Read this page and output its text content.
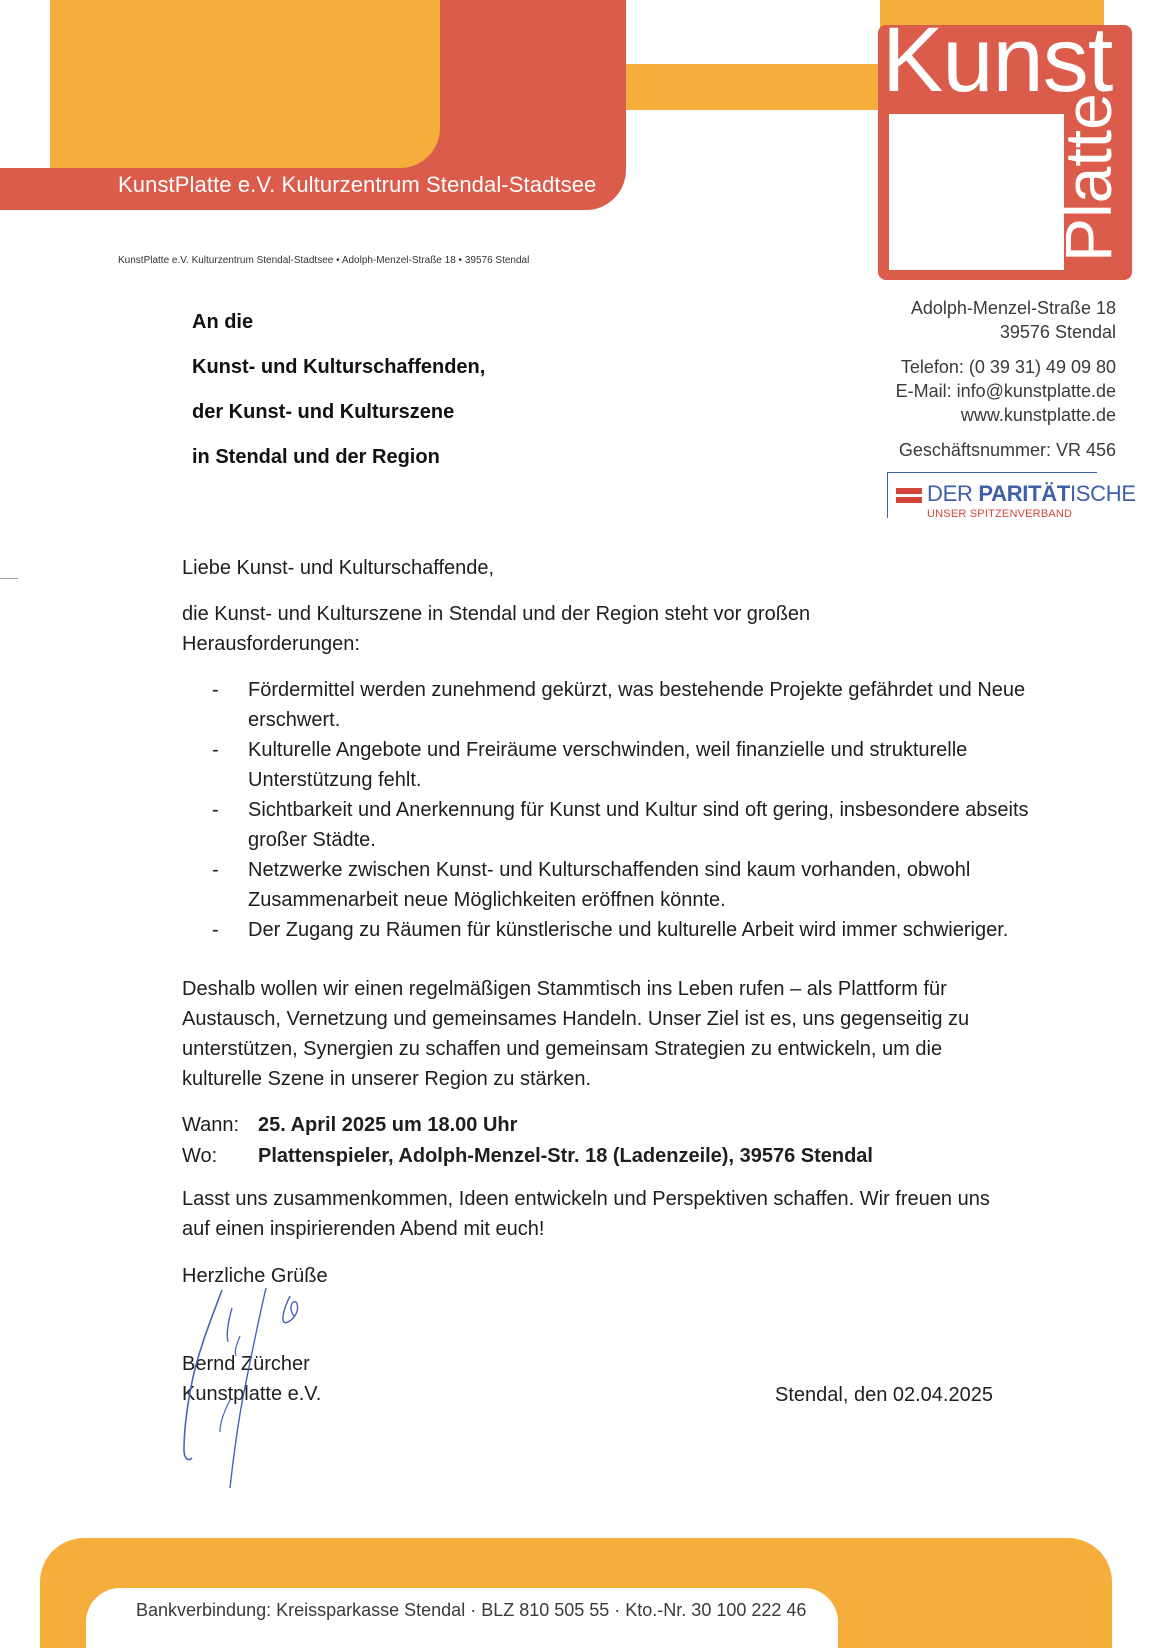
KunstPlatte e.V. Kulturzentrum Stendal-Stadtsee
Kunst
Platte
KunstPlatte e.V. Kulturzentrum Stendal-Stadtsee • Adolph-Menzel-Straße 18 • 39576 Stendal
An die
Kunst- und Kulturschaffenden,
der Kunst- und Kulturszene
in Stendal und der Region
Adolph-Menzel-Straße 18
39576 Stendal
Telefon: (0 39 31) 49 09 80
E-Mail: info@kunstplatte.de
www.kunstplatte.de
Geschäftsnummer: VR 456
DER PARITÄTISCHE
UNSER SPITZENVERBAND
Liebe Kunst- und Kulturschaffende,
die Kunst- und Kulturszene in Stendal und der Region steht vor großen Herausforderungen:
- Fördermittel werden zunehmend gekürzt, was bestehende Projekte gefährdet und Neue erschwert.
- Kulturelle Angebote und Freiräume verschwinden, weil finanzielle und strukturelle Unterstützung fehlt.
- Sichtbarkeit und Anerkennung für Kunst und Kultur sind oft gering, insbesondere abseits großer Städte.
- Netzwerke zwischen Kunst- und Kulturschaffenden sind kaum vorhanden, obwohl Zusammenarbeit neue Möglichkeiten eröffnen könnte.
- Der Zugang zu Räumen für künstlerische und kulturelle Arbeit wird immer schwieriger.
Deshalb wollen wir einen regelmäßigen Stammtisch ins Leben rufen – als Plattform für Austausch, Vernetzung und gemeinsames Handeln. Unser Ziel ist es, uns gegenseitig zu unterstützen, Synergien zu schaffen und gemeinsam Strategien zu entwickeln, um die kulturelle Szene in unserer Region zu stärken.
Wann: 25. April 2025 um 18.00 Uhr
Wo: Plattenspieler, Adolph-Menzel-Str. 18 (Ladenzeile), 39576 Stendal
Lasst uns zusammenkommen, Ideen entwickeln und Perspektiven schaffen. Wir freuen uns auf einen inspirierenden Abend mit euch!
Herzliche Grüße
Bernd Zürcher
Kunstplatte e.V.	Stendal, den 02.04.2025
Bankverbindung: Kreissparkasse Stendal · BLZ 810 505 55 · Kto.-Nr. 30 100 222 46
